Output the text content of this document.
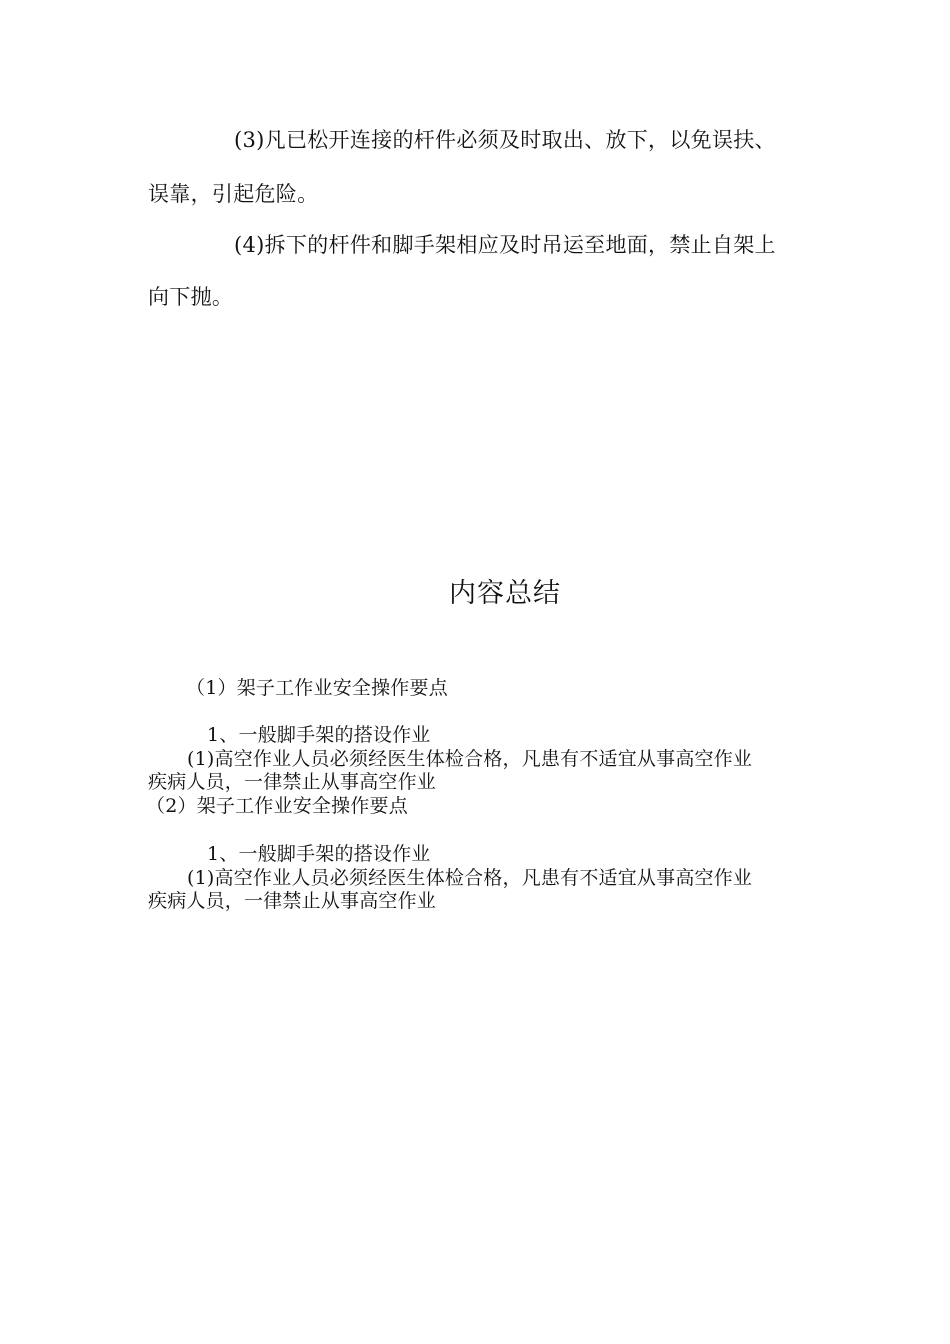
(3)凡已松开连接的杆件必须及时取出、放下，以免误扶、

误靠，引起危险。

(4)拆下的杆件和脚手架相应及时吊运至地面，禁止自架上

向下抛。

内容总结

（1）架子工作业安全操作要点

1、一般脚手架的搭设作业

(1)高空作业人员必须经医生体检合格，凡患有不适宜从事高空作业

疾病人员，一律禁止从事高空作业

（2）架子工作业安全操作要点

1、一般脚手架的搭设作业

(1)高空作业人员必须经医生体检合格，凡患有不适宜从事高空作业

疾病人员，一律禁止从事高空作业
